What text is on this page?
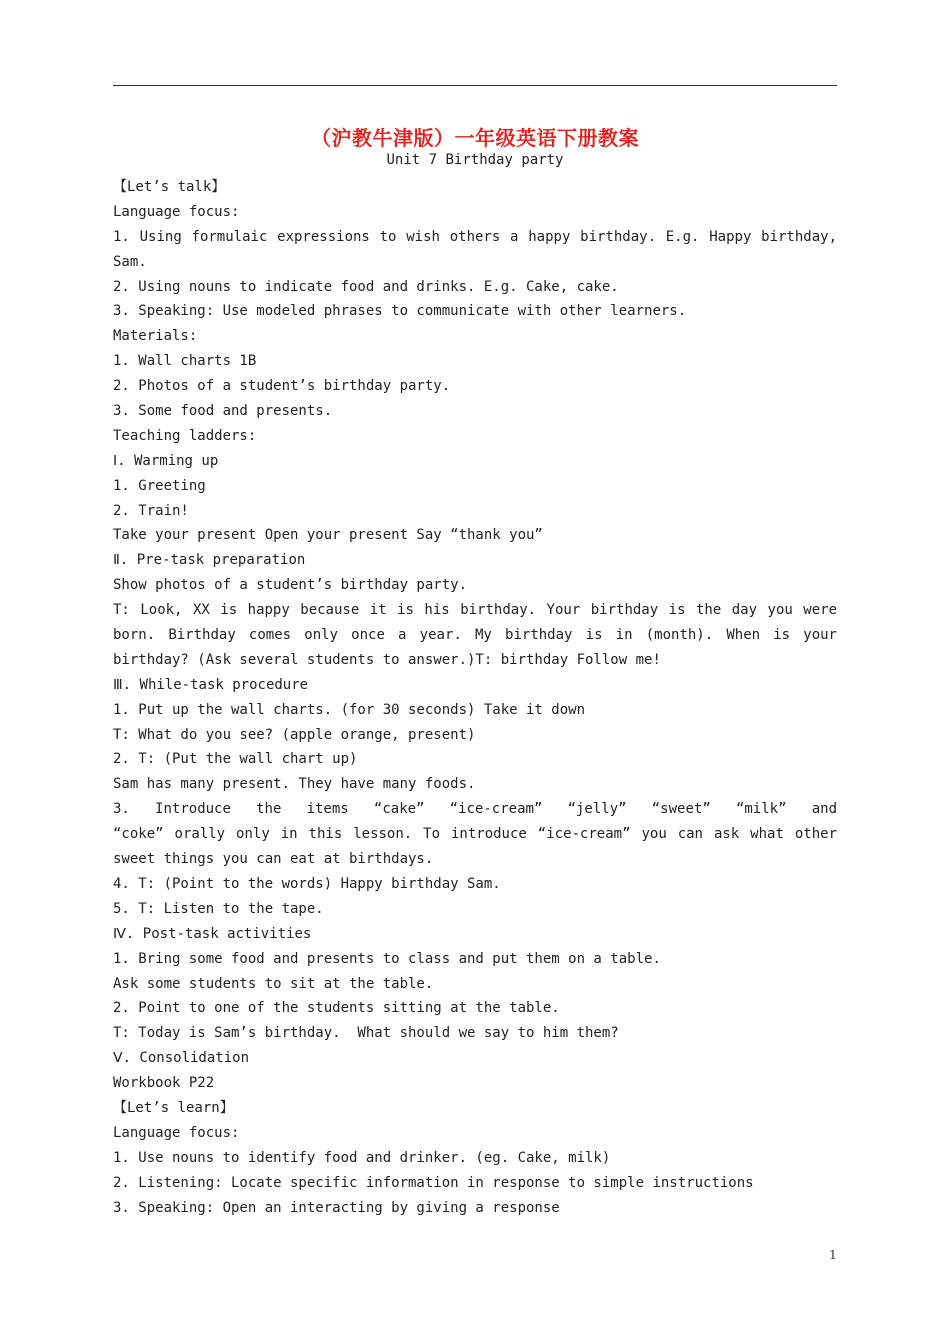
（沪教牛津版）一年级英语下册教案
Unit 7 Birthday party
【Let’s talk】
Language focus:
1. Using formulaic expressions to wish others a happy birthday. E.g. Happy birthday,
Sam.
2. Using nouns to indicate food and drinks. E.g. Cake, cake.
3. Speaking: Use modeled phrases to communicate with other learners.
Materials:
1. Wall charts 1B
2. Photos of a student’s birthday party.
3. Some food and presents.
Teaching ladders:
Ⅰ. Warming up
1. Greeting
2. Train!
Take your present Open your present Say “thank you”
Ⅱ. Pre-task preparation
Show photos of a student’s birthday party.
T: Look, XX is happy because it is his birthday. Your birthday is the day you were
born. Birthday comes only once a year. My birthday is in (month). When is your
birthday? (Ask several students to answer.)T: birthday Follow me!
Ⅲ. While-task procedure
1. Put up the wall charts. (for 30 seconds) Take it down
T: What do you see? (apple orange, present)
2. T: (Put the wall chart up)
Sam has many present. They have many foods.
3. Introduce the items “cake” “ice-cream” “jelly” “sweet” “milk” and
“coke” orally only in this lesson. To introduce “ice-cream” you can ask what other
sweet things you can eat at birthdays.
4. T: (Point to the words) Happy birthday Sam.
5. T: Listen to the tape.
Ⅳ. Post-task activities
1. Bring some food and presents to class and put them on a table.
Ask some students to sit at the table.
2. Point to one of the students sitting at the table.
T: Today is Sam’s birthday.  What should we say to him them?
Ⅴ. Consolidation
Workbook P22
【Let’s learn】
Language focus:
1. Use nouns to identify food and drinker. (eg. Cake, milk)
2. Listening: Locate specific information in response to simple instructions
3. Speaking: Open an interacting by giving a response
1
